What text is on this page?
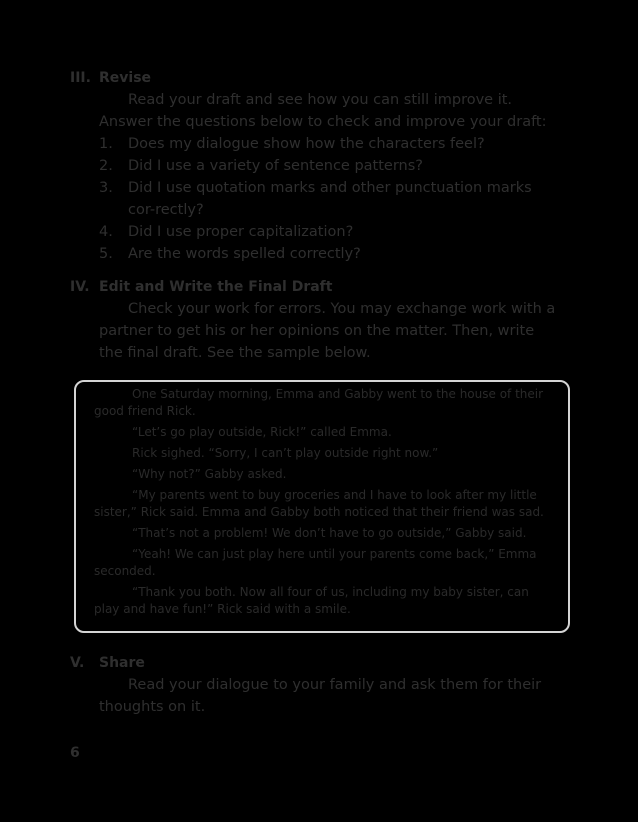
III. Revise
Read your draft and see how you can still improve it. Answer the questions below to check and improve your draft:
1.	Does my dialogue show how the characters feel?
2.	Did I use a variety of sentence patterns?
3.	Did I use quotation marks and other punctuation marks cor-rectly?
4.	Did I use proper capitalization?
5.	Are the words spelled correctly?
IV. Edit and Write the Final Draft
Check your work for errors. You may exchange work with a partner to get his or her opinions on the matter. Then, write the final draft. See the sample below.

One Saturday morning, Emma and Gabby went to the house of their good friend Rick.

“Let’s go play outside, Rick!” called Emma.

Rick sighed. “Sorry, I can’t play outside right now.”

“Why not?” Gabby asked.

“My parents went to buy groceries and I have to look after my little sister,” Rick said. Emma and Gabby both noticed that their friend was sad.

“That’s not a problem! We don’t have to go outside,” Gabby said.

“Yeah! We can just play here until your parents come back,” Emma seconded.

“Thank you both. Now all four of us, including my baby sister, can play and have fun!” Rick said with a smile.

V.	Share
Read your dialogue to your family and ask them for their thoughts on it.
6
